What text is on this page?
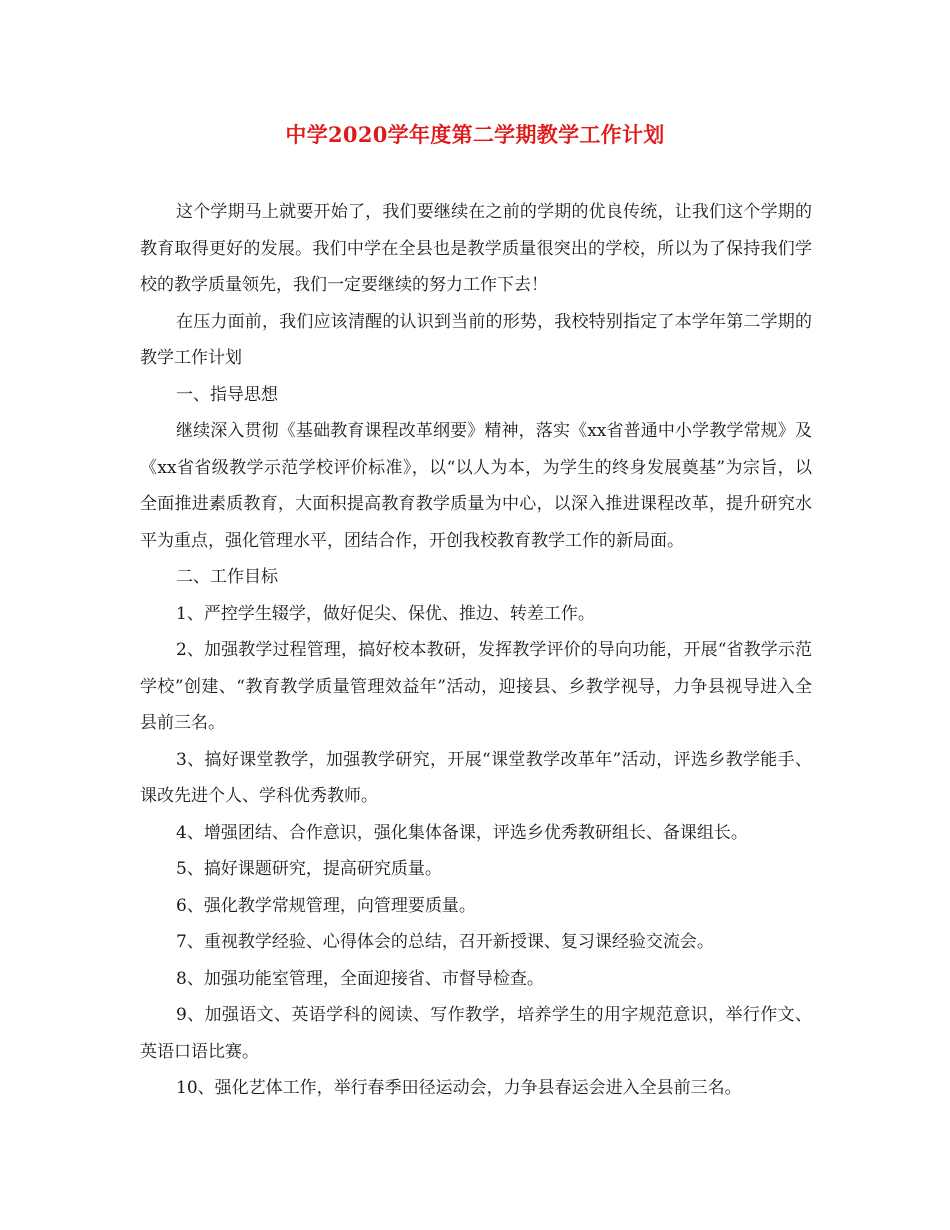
中学2020学年度第二学期教学工作计划

这个学期马上就要开始了，我们要继续在之前的学期的优良传统，让我们这个学期的教育取得更好的发展。我们中学在全县也是教学质量很突出的学校，所以为了保持我们学校的教学质量领先，我们一定要继续的努力工作下去！

在压力面前，我们应该清醒的认识到当前的形势，我校特别指定了本学年第二学期的教学工作计划

一、指导思想

继续深入贯彻《基础教育课程改革纲要》精神，落实《xx省普通中小学教学常规》及《xx省省级教学示范学校评价标准》，以“以人为本，为学生的终身发展奠基”为宗旨，以全面推进素质教育，大面积提高教育教学质量为中心，以深入推进课程改革，提升研究水平为重点，强化管理水平，团结合作，开创我校教育教学工作的新局面。

二、工作目标

1、严控学生辍学，做好促尖、保优、推边、转差工作。

2、加强教学过程管理，搞好校本教研，发挥教学评价的导向功能，开展“省教学示范学校”创建、“教育教学质量管理效益年”活动，迎接县、乡教学视导，力争县视导进入全县前三名。

3、搞好课堂教学，加强教学研究，开展“课堂教学改革年”活动，评选乡教学能手、课改先进个人、学科优秀教师。

4、增强团结、合作意识，强化集体备课，评选乡优秀教研组长、备课组长。

5、搞好课题研究，提高研究质量。

6、强化教学常规管理，向管理要质量。

7、重视教学经验、心得体会的总结，召开新授课、复习课经验交流会。

8、加强功能室管理，全面迎接省、市督导检查。

9、加强语文、英语学科的阅读、写作教学，培养学生的用字规范意识，举行作文、英语口语比赛。

10、强化艺体工作，举行春季田径运动会，力争县春运会进入全县前三名。
